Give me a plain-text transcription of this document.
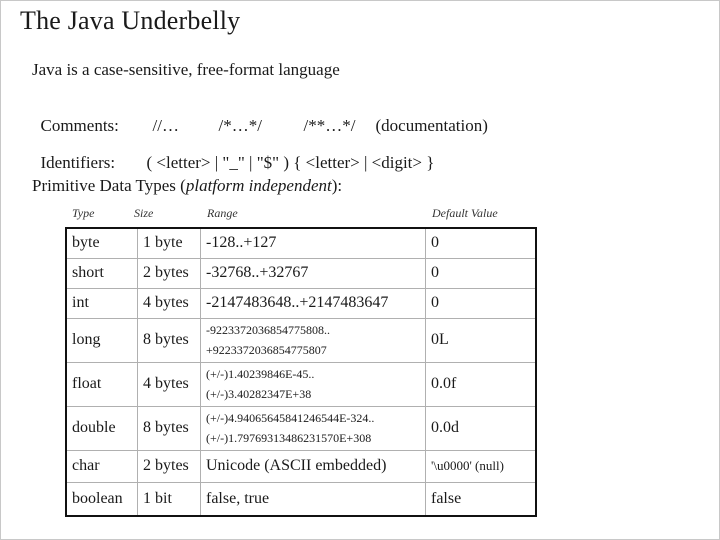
The Java Underbelly
Java is a case-sensitive, free-format language

Comments: //… /*…*/ /**…*/ (documentation)

Identifiers: ( <letter> | "_" | "$" ) { <letter> | <digit> }

Primitive Data Types (platform independent):
Type	Size	Range	Default Value
byte	1 byte	-128..+127	0
short	2 bytes	-32768..+32767	0
int	4 bytes	-2147483648..+2147483647	0
long	8 bytes	-9223372036854775808..
+9223372036854775807	0L
float	4 bytes	(+/-)1.40239846E-45..
(+/-)3.40282347E+38	0.0f
double	8 bytes	(+/-)4.94065645841246544E-324..
(+/-)1.79769313486231570E+308	0.0d
char	2 bytes	Unicode (ASCII embedded)	'\u0000' (null)
boolean	1 bit	false, true	false
